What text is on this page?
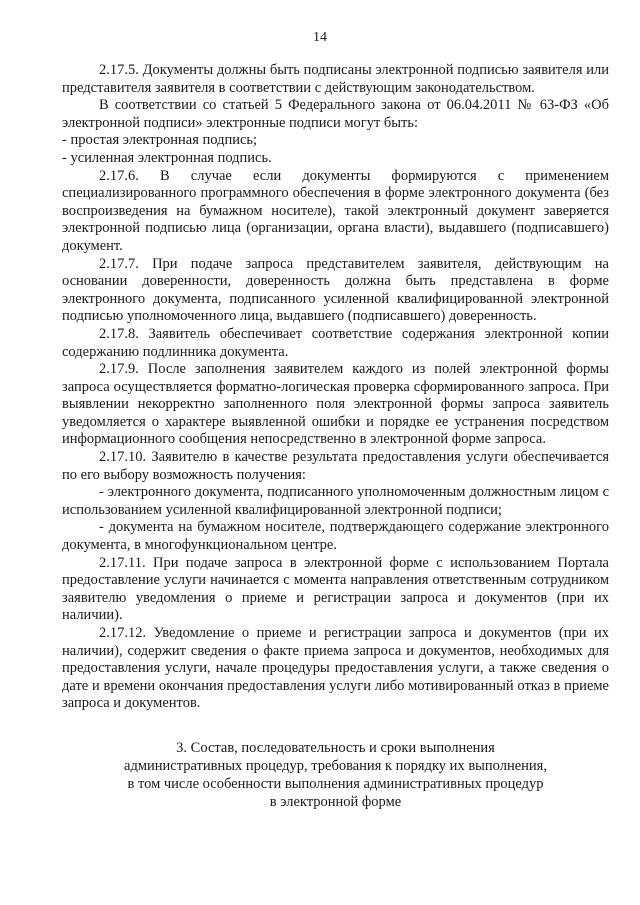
14

2.17.5. Документы должны быть подписаны электронной подписью заявителя или представителя заявителя в соответствии с действующим законодательством.

В соответствии со статьей 5 Федерального закона от 06.04.2011 № 63-ФЗ «Об электронной подписи» электронные подписи могут быть:

- простая электронная подпись;

- усиленная электронная подпись.

2.17.6. В случае если документы формируются с применением специализированного программного обеспечения в форме электронного документа (без воспроизведения на бумажном носителе), такой электронный документ заверяется электронной подписью лица (организации, органа власти), выдавшего (подписавшего) документ.

2.17.7. При подаче запроса представителем заявителя, действующим на основании доверенности, доверенность должна быть представлена в форме электронного документа, подписанного усиленной квалифицированной электронной подписью уполномоченного лица, выдавшего (подписавшего) доверенность.

2.17.8. Заявитель обеспечивает соответствие содержания электронной копии содержанию подлинника документа.

2.17.9. После заполнения заявителем каждого из полей электронной формы запроса осуществляется форматно-логическая проверка сформированного запроса. При выявлении некорректно заполненного поля электронной формы запроса заявитель уведомляется о характере выявленной ошибки и порядке ее устранения посредством информационного сообщения непосредственно в электронной форме запроса.

2.17.10. Заявителю в качестве результата предоставления услуги обеспечивается по его выбору возможность получения:

- электронного документа, подписанного уполномоченным должностным лицом с использованием усиленной квалифицированной электронной подписи;

- документа на бумажном носителе, подтверждающего содержание электронного документа, в многофункциональном центре.

2.17.11. При подаче запроса в электронной форме с использованием Портала предоставление услуги начинается с момента направления ответственным сотрудником заявителю уведомления о приеме и регистрации запроса и документов (при их наличии).

2.17.12. Уведомление о приеме и регистрации запроса и документов (при их наличии), содержит сведения о факте приема запроса и документов, необходимых для предоставления услуги, начале процедуры предоставления услуги, а также сведения о дате и времени окончания предоставления услуги либо мотивированный отказ в приеме запроса и документов.

3. Состав, последовательность и сроки выполнения
административных процедур, требования к порядку их выполнения,
в том числе особенности выполнения административных процедур
в электронной форме
